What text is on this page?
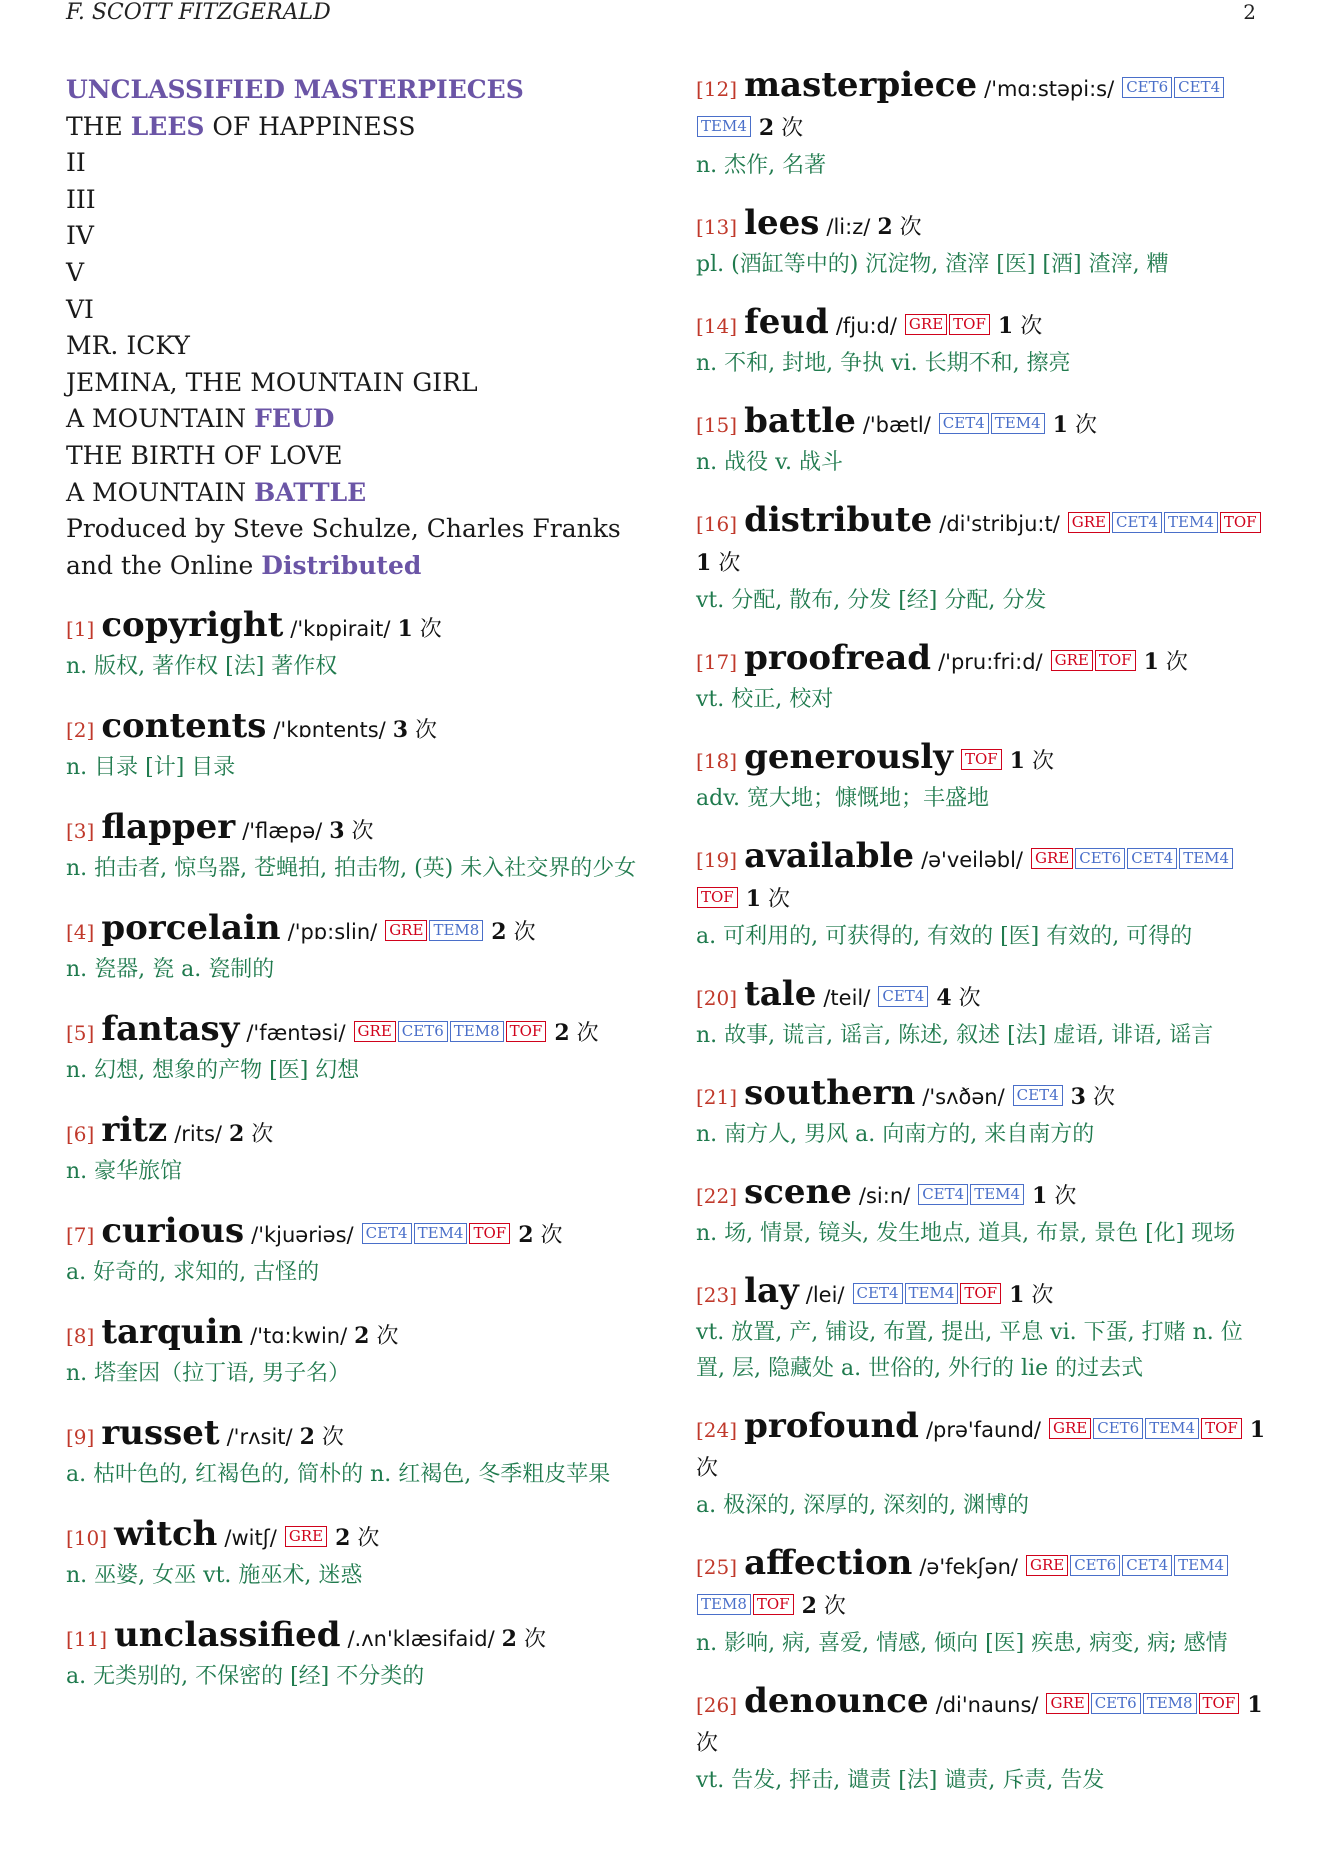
F. SCOTT FITZGERALD	2
UNCLASSIFIED MASTERPIECES
THE LEES OF HAPPINESS
II
III
IV
V
VI
MR. ICKY
JEMINA, THE MOUNTAIN GIRL
A MOUNTAIN FEUD
THE BIRTH OF LOVE
A MOUNTAIN BATTLE
Produced by Steve Schulze, Charles Franks and the Online Distributed
[1] copyright /'kɒpirait/ 1 次
n. 版权, 著作权 [法] 著作权
[2] contents /'kɒntents/ 3 次
n. 目录 [计] 目录
[3] flapper /'flæpə/ 3 次
n. 拍击者, 惊鸟器, 苍蝇拍, 拍击物, (英) 未入社交界的少女
[4] porcelain /'pɒ:slin/ GRE TEM8 2 次
n. 瓷器, 瓷 a. 瓷制的
[5] fantasy /'fæntəsi/ GRE CET6 TEM8 TOF 2 次
n. 幻想, 想象的产物 [医] 幻想
[6] ritz /rits/ 2 次
n. 豪华旅馆
[7] curious /'kjuəriəs/ CET4 TEM4 TOF 2 次
a. 好奇的, 求知的, 古怪的
[8] tarquin /'tɑ:kwin/ 2 次
n. 塔奎因（拉丁语, 男子名）
[9] russet /'rʌsit/ 2 次
a. 枯叶色的, 红褐色的, 简朴的 n. 红褐色, 冬季粗皮苹果
[10] witch /witʃ/ GRE 2 次
n. 巫婆, 女巫 vt. 施巫术, 迷惑
[11] unclassified /.ʌn'klæsifaid/ 2 次
a. 无类别的, 不保密的 [经] 不分类的
[12] masterpiece /'mɑ:stəpi:s/ CET6 CET4TEM4 2 次
n. 杰作, 名著
[13] lees /li:z/ 2 次
pl. (酒缸等中的) 沉淀物, 渣滓 [医] [酒] 渣滓, 糟
[14] feud /fju:d/ GRE TOF 1 次
n. 不和, 封地, 争执 vi. 长期不和, 擦亮
[15] battle /'bætl/ CET4 TEM4 1 次
n. 战役 v. 战斗
[16] distribute /di'stribju:t/ GRE CET4 TEM4 TOF 1 次
vt. 分配, 散布, 分发 [经] 分配, 分发
[17] proofread /'pru:fri:d/ GRE TOF 1 次
vt. 校正, 校对
[18] generously TOF 1 次
adv. 宽大地；慷慨地；丰盛地
[19] available /ə'veiləbl/ GRE CET6 CET4 TEM4TOF 1 次
a. 可利用的, 可获得的, 有效的 [医] 有效的, 可得的
[20] tale /teil/ CET4 4 次
n. 故事, 谎言, 谣言, 陈述, 叙述 [法] 虚语, 诽语, 谣言
[21] southern /'sʌðən/ CET4 3 次
n. 南方人, 男风 a. 向南方的, 来自南方的
[22] scene /si:n/ CET4 TEM4 1 次
n. 场, 情景, 镜头, 发生地点, 道具, 布景, 景色 [化] 现场
[23] lay /lei/ CET4 TEM4 TOF 1 次
vt. 放置, 产, 铺设, 布置, 提出, 平息 vi. 下蛋, 打赌 n. 位置, 层, 隐藏处 a. 世俗的, 外行的 lie 的过去式
[24] profound /prə'faund/ GRE CET6 TEM4 TOF 1 次
a. 极深的, 深厚的, 深刻的, 渊博的
[25] affection /ə'fekʃən/ GRE CET6 CET4 TEM4TEM8 TOF 2 次
n. 影响, 病, 喜爱, 情感, 倾向 [医] 疾患, 病变, 病; 感情
[26] denounce /di'nauns/ GRE CET6 TEM8 TOF 1 次
vt. 告发, 抨击, 谴责 [法] 谴责, 斥责, 告发
